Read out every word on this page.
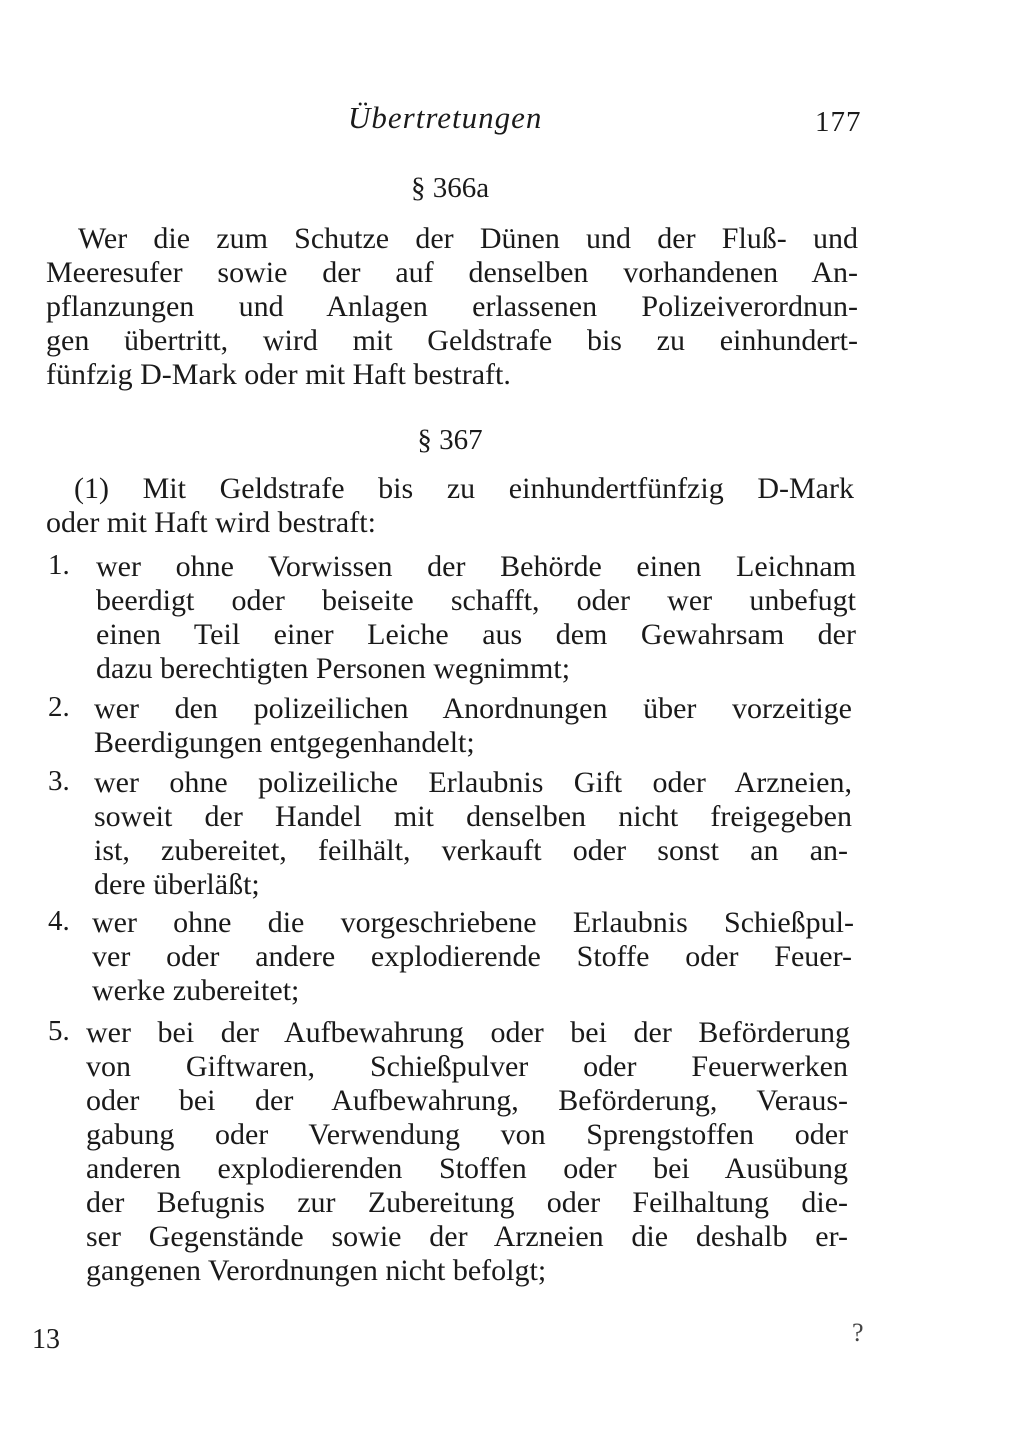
Übertretungen	177
§ 366a
Wer die zum Schutze der Dünen und der Fluß- und
Meeresufer sowie der auf denselben vorhandenen An-
pflanzungen und Anlagen erlassenen Polizeiverordnun-
gen übertritt, wird mit Geldstrafe bis zu einhundert-
fünfzig D-Mark oder mit Haft bestraft.
§ 367
(1) Mit Geldstrafe bis zu einhundertfünfzig D-Mark
oder mit Haft wird bestraft:
1. wer ohne Vorwissen der Behörde einen Leichnam
beerdigt oder beiseite schafft, oder wer unbefugt
einen Teil einer Leiche aus dem Gewahrsam der
dazu berechtigten Personen wegnimmt;
2. wer den polizeilichen Anordnungen über vorzeitige
Beerdigungen entgegenhandelt;
3. wer ohne polizeiliche Erlaubnis Gift oder Arzneien,
soweit der Handel mit denselben nicht freigegeben
ist, zubereitet, feilhält, verkauft oder sonst an an-
dere überläßt;
4. wer ohne die vorgeschriebene Erlaubnis Schießpul-
ver oder andere explodierende Stoffe oder Feuer-
werke zubereitet;
5. wer bei der Aufbewahrung oder bei der Beförderung
von Giftwaren, Schießpulver oder Feuerwerken
oder bei der Aufbewahrung, Beförderung, Veraus-
gabung oder Verwendung von Sprengstoffen oder
anderen explodierenden Stoffen oder bei Ausübung
der Befugnis zur Zubereitung oder Feilhaltung die-
ser Gegenstände sowie der Arzneien die deshalb er-
gangenen Verordnungen nicht befolgt;
13	?
